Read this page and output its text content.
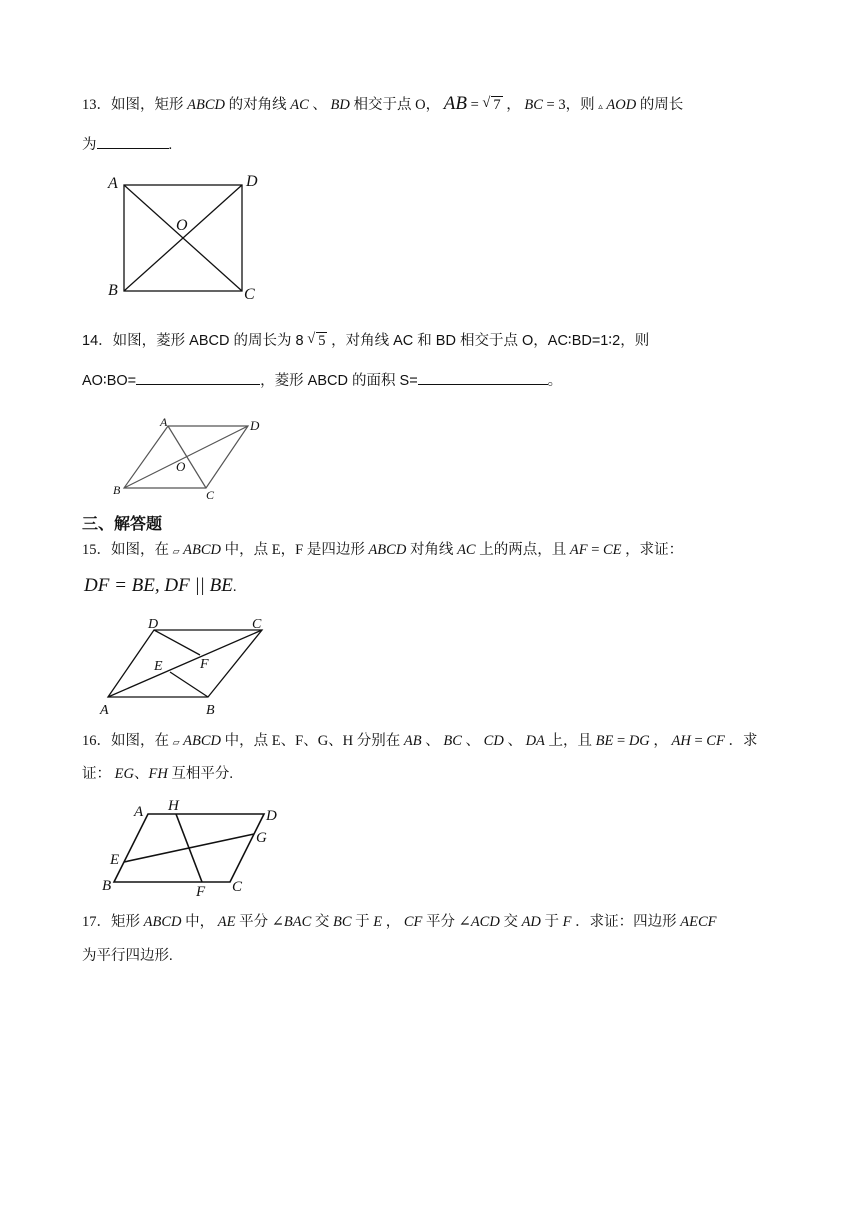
13．如图，矩形 ABCD 的对角线 AC 、 BD 相交于点 O， AB = √ 7 ， BC = 3，则 ▵ AOD 的周长
为	.
A	D
O
B	C
14．如图，菱形 ABCD 的周长为 8 √ 5 ，对角线 AC 和 BD 相交于点 O，AC∶BD=1∶2，则
AO∶BO=	，菱形 ABCD 的面积 S=	。
A	D
O
B	C
三、解答题
15．如图，在 ▱ ABCD 中，点 E，F 是四边形 ABCD 对角线 AC 上的两点，且 AF = CE ，求证：
DF = BE, DF || BE.
D	C
E	F
A	B
16．如图，在 ▱ ABCD 中，点 E、F、G、H 分别在 AB 、 BC 、 CD 、 DA 上，且 BE = DG ， AH = CF ．求
证： EG、FH 互相平分.
A H
D
G
E
B	F C
17．矩形 ABCD 中， AE 平分 ∠BAC 交 BC 于 E ， CF 平分 ∠ACD 交 AD 于 F ．求证：四边形 AECF
为平行四边形.
